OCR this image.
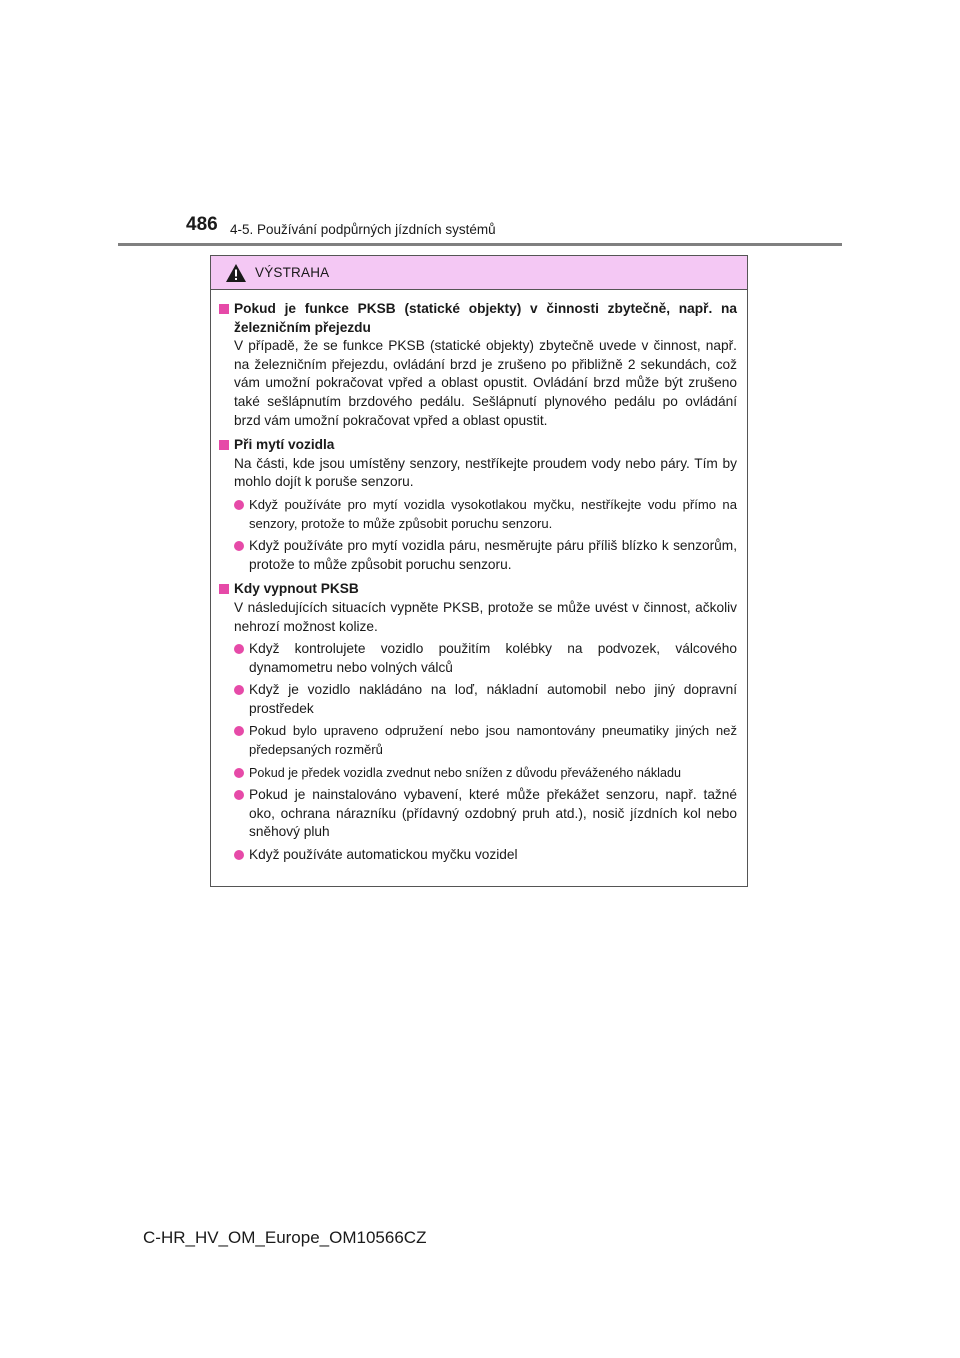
486 4-5. Používání podpůrných jízdních systémů
VÝSTRAHA
Pokud je funkce PKSB (statické objekty) v činnosti zbytečně, např. na železničním přejezdu
V případě, že se funkce PKSB (statické objekty) zbytečně uvede v činnost, např. na železničním přejezdu, ovládání brzd je zrušeno po přibližně 2 sekundách, což vám umožní pokračovat vpřed a oblast opustit. Ovládání brzd může být zrušeno také sešlápnutím brzdového pedálu. Sešlápnutí plynového pedálu po ovládání brzd vám umožní pokračovat vpřed a oblast opustit.
Při mytí vozidla
Na části, kde jsou umístěny senzory, nestříkejte proudem vody nebo páry. Tím by mohlo dojít k poruše senzoru.
Když používáte pro mytí vozidla vysokotlakou myčku, nestříkejte vodu přímo na senzory, protože to může způsobit poruchu senzoru.
Když používáte pro mytí vozidla páru, nesměrujte páru příliš blízko k senzorům, protože to může způsobit poruchu senzoru.
Kdy vypnout PKSB
V následujících situacích vypněte PKSB, protože se může uvést v činnost, ačkoliv nehrozí možnost kolize.
Když kontrolujete vozidlo použitím kolébky na podvozek, válcového dynamometru nebo volných válců
Když je vozidlo nakládáno na loď, nákladní automobil nebo jiný dopravní prostředek
Pokud bylo upraveno odpružení nebo jsou namontovány pneumatiky jiných než předepsaných rozměrů
Pokud je předek vozidla zvednut nebo snížen z důvodu převáženého nákladu
Pokud je nainstalováno vybavení, které může překážet senzoru, např. tažné oko, ochrana nárazníku (přídavný ozdobný pruh atd.), nosič jízdních kol nebo sněhový pluh
Když používáte automatickou myčku vozidel
C-HR_HV_OM_Europe_OM10566CZ
